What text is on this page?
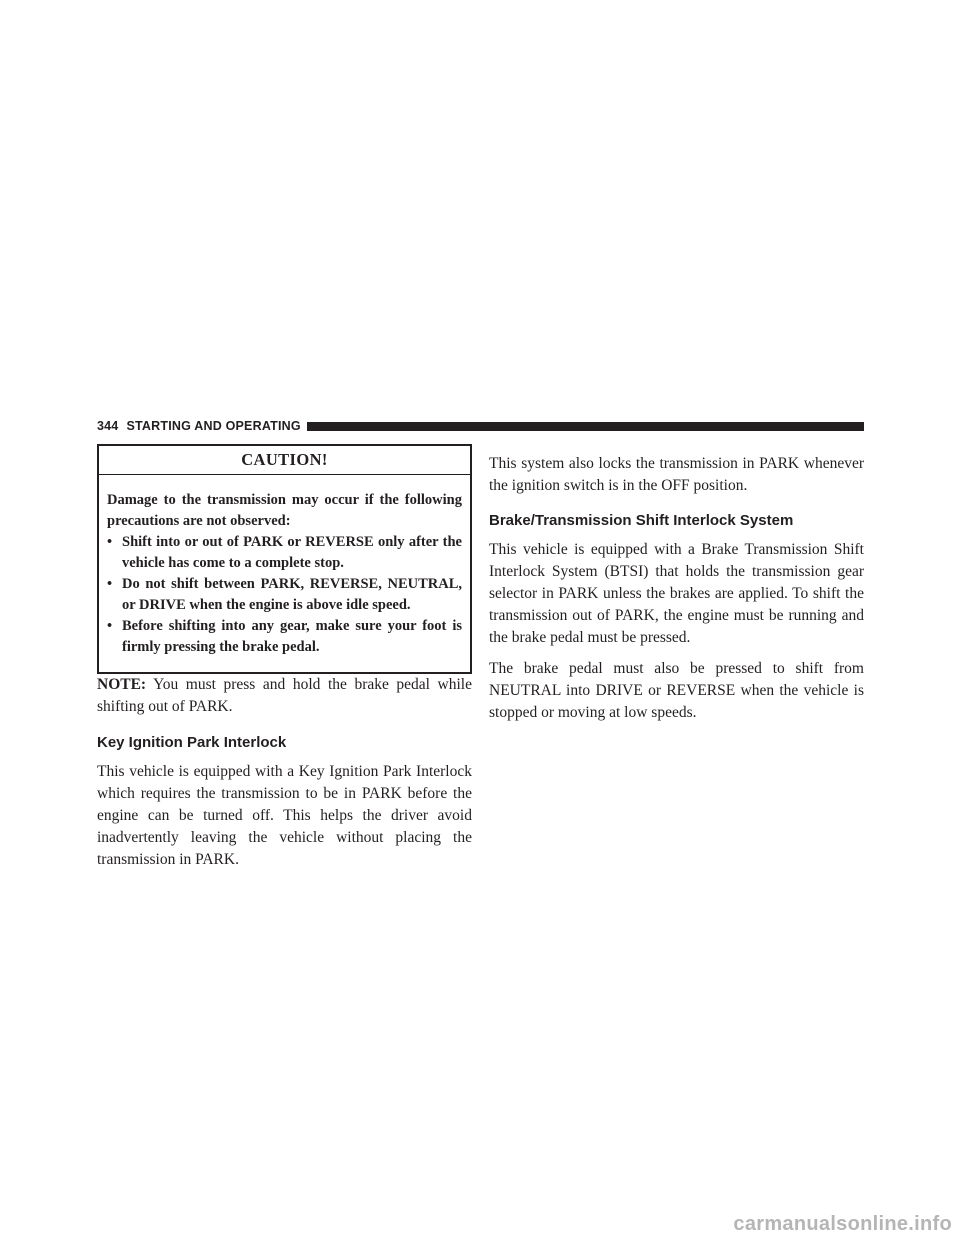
344 STARTING AND OPERATING
CAUTION!
Damage to the transmission may occur if the following precautions are not observed:
• Shift into or out of PARK or REVERSE only after the vehicle has come to a complete stop.
• Do not shift between PARK, REVERSE, NEUTRAL, or DRIVE when the engine is above idle speed.
• Before shifting into any gear, make sure your foot is firmly pressing the brake pedal.

NOTE: You must press and hold the brake pedal while shifting out of PARK.

Key Ignition Park Interlock

This vehicle is equipped with a Key Ignition Park Interlock which requires the transmission to be in PARK before the engine can be turned off. This helps the driver avoid inadvertently leaving the vehicle without placing the transmission in PARK.

This system also locks the transmission in PARK whenever the ignition switch is in the OFF position.

Brake/Transmission Shift Interlock System

This vehicle is equipped with a Brake Transmission Shift Interlock System (BTSI) that holds the transmission gear selector in PARK unless the brakes are applied. To shift the transmission out of PARK, the engine must be running and the brake pedal must be pressed.

The brake pedal must also be pressed to shift from NEUTRAL into DRIVE or REVERSE when the vehicle is stopped or moving at low speeds.

carmanualsonline.info
